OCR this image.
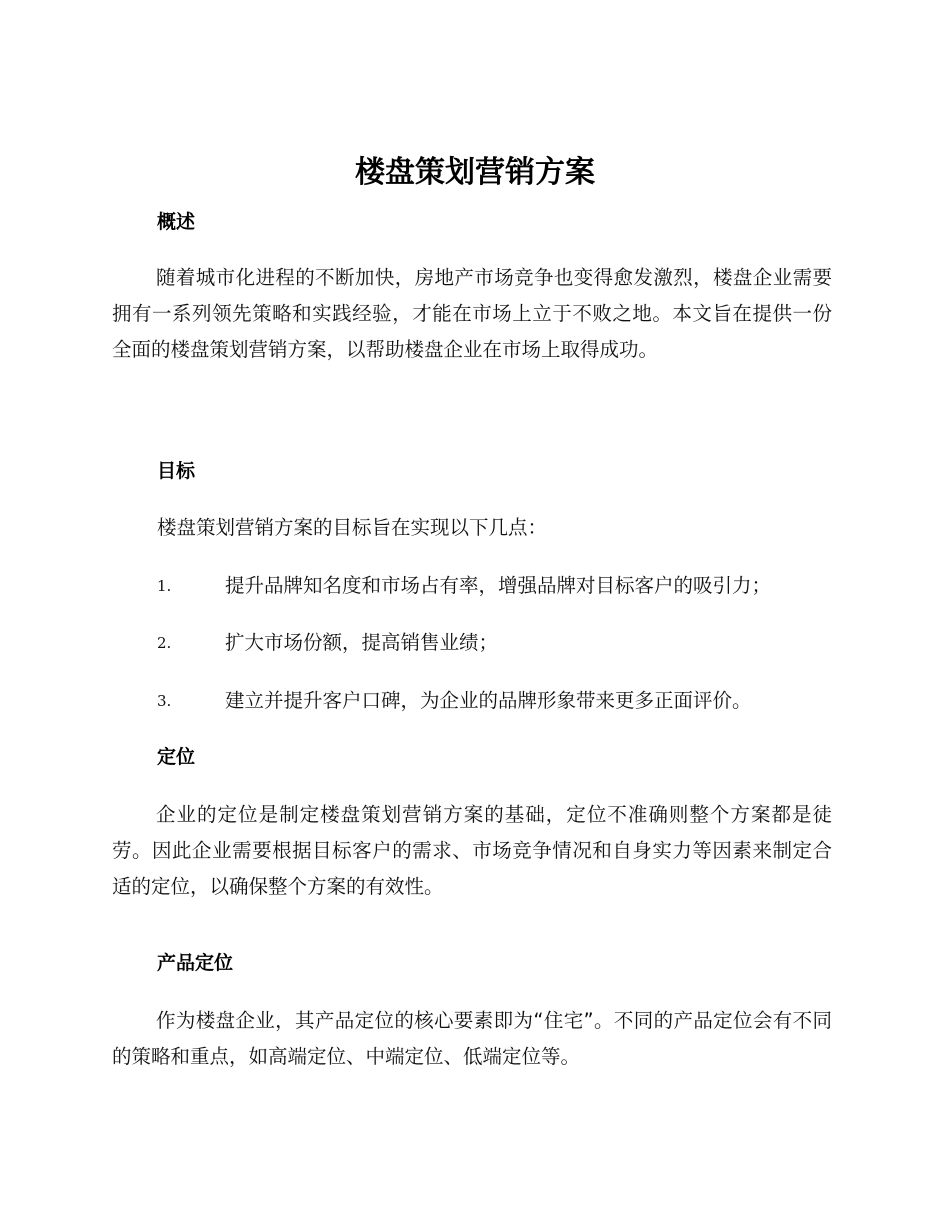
楼盘策划营销方案
概述

随着城市化进程的不断加快，房地产市场竞争也变得愈发激烈，楼盘企业需要拥有一系列领先策略和实践经验，才能在市场上立于不败之地。本文旨在提供一份全面的楼盘策划营销方案，以帮助楼盘企业在市场上取得成功。

目标
楼盘策划营销方案的目标旨在实现以下几点：
1.	提升品牌知名度和市场占有率，增强品牌对目标客户的吸引力；
2.	扩大市场份额，提高销售业绩；
3.	建立并提升客户口碑，为企业的品牌形象带来更多正面评价。
定位

企业的定位是制定楼盘策划营销方案的基础，定位不准确则整个方案都是徒劳。因此企业需要根据目标客户的需求、市场竞争情况和自身实力等因素来制定合适的定位，以确保整个方案的有效性。

产品定位

作为楼盘企业，其产品定位的核心要素即为“住宅”。不同的产品定位会有不同的策略和重点，如高端定位、中端定位、低端定位等。
